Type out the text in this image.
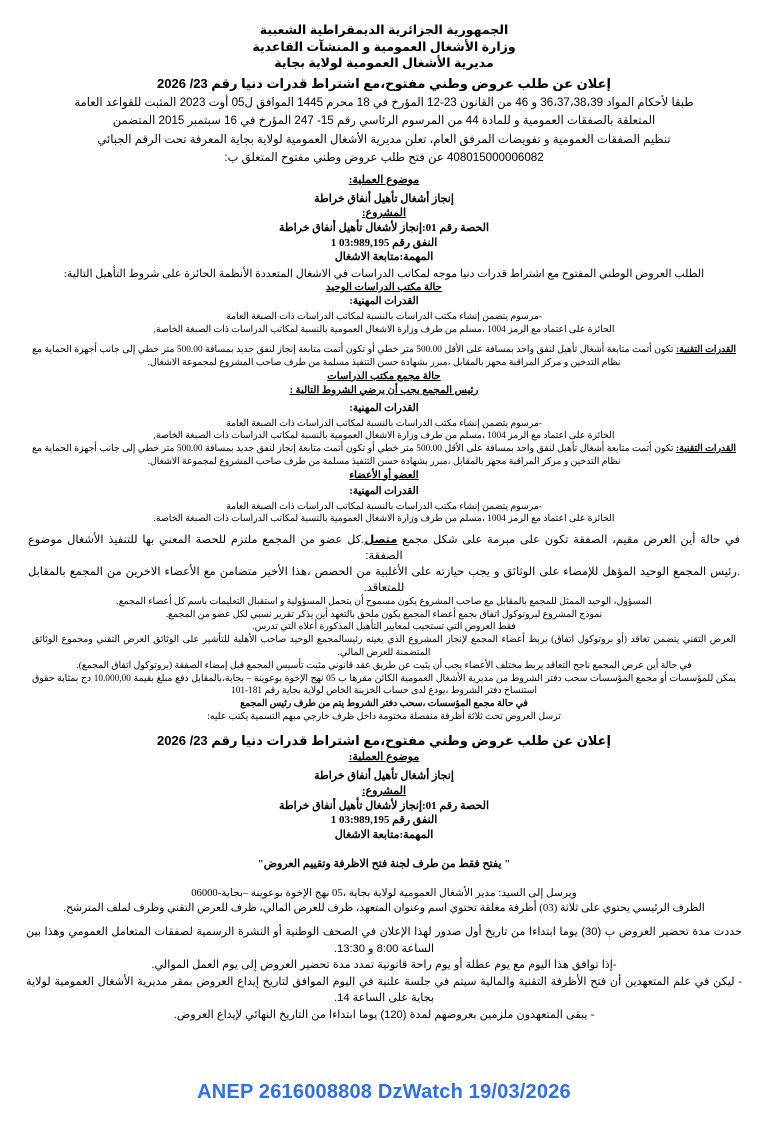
الجمهورية الجزائرية الديمقراطية الشعبية
وزارة الأشغال العمومية و المنشآت القاعدية
مديرية الأشغال العمومية لولاية بجاية
إعلان عن طلب عروض وطني مفتوح،مع اشتراط قدرات دنيا رقم 23/ 2026
طبقا لأحكام المواد 36،37،38،39 و 46 من القانون 23-12 المؤرخ في 18 محرم 1445 الموافق ل05 أوت 2023 المثبت للقواعد العامة
المتعلقة بالصفقات العمومية و للمادة 44 من المرسوم الرئاسي رقم 15- 247 المؤرخ في 16 سبتمبر 2015 المتضمن
تنظيم الصفقات العمومية و تفويضات المرفق العام، تعلن مديرية الأشغال العمومية لولاية بجاية المعرفة تحت الرقم الجبائي
408015000006082 عن فتح طلب عروض وطني مفتوح المتعلق ب:
موضوع العملية:
إنجاز أشغال تأهيل أنفاق خراطة
المشروع:
الحصة رقم 01:إنجاز لأشغال تأهيل أنفاق خراطة
النفق رقم 03:989,195 1
المهمة:متابعة الاشغال
الطلب العروض الوطني المفتوح مع اشتراط قدرات دنيا موجه لمكاتب الدراسات في الاشغال المتعددة الأنظمة الحائزة على شروط التأهيل التالية:
حالة مكتب الدراسات الوحيد
القدرات المهنية:
-مرسوم يتضمن إنشاء مكتب الدراسات بالنسبة لمكاتب الدراسات ذات الصبغة العامة
الحائزة على اعتماد مع الرمز 1004 ،مسلم من طرف وزارة الاشغال العمومية بالنسبة لمكاتب الدراسات ذات الصبغة الخاصة,
القدرات التقنية: تكون أتمت متابعة أشغال تأهيل لنفق واحد بمسافة على الأقل 500.00 متر خطي أو تكون أتمت متابعة إنجاز لنفق جديد بمسافة 500.00 متر خطي إلى جانب أجهزة الحماية مع نظام التدخين و مركز المراقبة مجهز بالمقابل ،مبرر بشهادة حسن التنفيذ مسلمة من طرف صاحب المشروع لمجموعة الاشغال.
حالة مجمع مكتب الدراسات
رئيس المجمع يجب أن يرضي الشروط التالية :
القدرات المهنية:
-مرسوم يتضمن إنشاء مكتب الدراسات بالنسبة لمكاتب الدراسات ذات الصبغة العامة
الحائزة على اعتماد مع الرمز 1004 ،مسلم من طرف وزارة الاشغال العمومية بالنسبة لمكاتب الدراسات ذات الصبغة الخاصة,
القدرات التقنية: تكون أتمت متابعة أشغال تأهيل لنفق واحد بمسافة على الأقل 500.00 متر خطي أو تكون أتمت متابعة إنجاز لنفق جديد بمسافة 500.00 متر خطي إلى جانب أجهزة الحماية مع نظام التدخين و مركز المراقبة مجهز بالمقابل ،مبرر بشهادة حسن التنفيذ مسلمة من طرف صاحب المشروع لمجموعة الاشغال.
العضو أو الأعضاء
القدرات المهنية:
-مرسوم يتضمن إنشاء مكتب الدراسات بالنسبة لمكاتب الدراسات ذات الصبغة العامة
الحائزة على اعتماد مع الرمز 1004 ،مسلم من طرف وزارة الاشغال العمومية بالنسبة لمكاتب الدراسات ذات الصبغة الخاصة.
في حالة أين العرض مقيم، الصفقة تكون على مبرمة على شكل مجمع متصل.كل عضو من المجمع ملتزم للحصة المعني بها للتنفيذ الأشغال موضوع الصفقة:
.رئيس المجمع الوحيد المؤهل للإمضاء على الوثائق و يجب حيازته على الأغلبية من الحصص ،هذا الأخير متضامن مع الأعضاء الاخرين من المجمع بالمقابل للمتعاقد.
المسؤول، الوحيد الممثل للمجمع بالمقابل مع صاحب المشروع يكون مسموح أن يتحمل المسؤولية و استقبال التعليمات باسم كل أعضاء المجمع.
نموذج المشروع لبروتوكول اتفاق بجمع أعضاء المجمع يكون ملحق بالتعهد أين يذكر تقرير نسبي لكل عضو من المجمع.
فقط العروض التي تستجيب لمعايير التأهيل المذكورة أعلاه التي تدرس.
العرض التقني يتضمن تعاقد (أو بروتوكول اتفاق) يربط أعضاء المجمع لإنجاز المشروع الذي يعينه رئيسالمجمع الوحيد صاحب الأهلية للتأشير على الوثائق العرض التقني ومجموع الوثائق المتضمنة للعرض المالي.
في حالة أين عرض المجمع ناجح التعاقد يربط مختلف الأعضاء يجب أن يثبت عن طريق عقد قانوني مثبت تأسيس المجمع قبل إمضاء الصفقة (بروتوكول اتفاق المجمع).
يمكن للمؤسسات أو مجمع المؤسسات سحب دفتر الشروط من مديرية الأشغال العمومية الكائن مقرها ب 05 نهج الإخوة بوعوينة – بجاية،بالمقابل دفع مبلغ بقيمة 10.000,00 دج بمثابة حقوق استنساخ دفتر الشروط ،يودع لدى حساب الخزينة الخاص لولاية بجاية رقم 181-101
في حالة مجمع المؤسسات ،سحب دفتر الشروط يتم من طرف رئيس المجمع
ترسل العروض تحت ثلاثة أظرفة منفصلة مختومة داخل ظرف خارجي مبهم التسمية يكتب عليه:
إعلان عن طلب عروض وطني مفتوح،مع اشتراط قدرات دنيا رقم 23/ 2026
موضوع العملية:
إنجاز أشغال تأهيل أنفاق خراطة
المشروع:
الحصة رقم 01:إنجاز لأشغال تأهيل أنفاق خراطة
النفق رقم 03:989,195 1
المهمة:متابعة الاشغال
" يفتح فقط من طرف لجنة فتح الاظرفة وتقييم العروض"
ويرسل إلى السيد: مدير الأشغال العمومية لولاية بجاية ،05 نهج الإخوة بوعوينة –بجاية-06000
الظرف الرئيسي يحتوي على ثلاثة (03) أظرفة مغلقة تحتوي اسم وعنوان المتعهد، ظرف للعرض المالي، ظرف للعرض التقني وظرف لملف المترشح.
حددت مدة تحضير العروض ب (30) يوما ابتداءا من تاريخ أول صدور لهذا الإعلان في الصحف الوطنية أو النشرة الرسمية لصفقات المتعامل العمومي وهذا بين الساعة 8:00 و 13:30.
-إذا توافق هذا اليوم مع يوم عطلة أو يوم راحة قانونية تمدد مدة تحضير العروض إلى يوم العمل الموالي.
- ليكن في علم المتعهدين أن فتح الأظرفة التقنية والمالية سيتم في جلسة علنية في اليوم الموافق لتاريخ إيداع العروض بمقر مديرية الأشغال العمومية لولاية بجاية على الساعة 14.
- يبقى المتعهدون ملزمين بعروضهم لمدة (120) يوما ابتداءا من التاريخ النهائي لإيداع العروض.
ANEP 2616008808 DzWatch 19/03/2026
